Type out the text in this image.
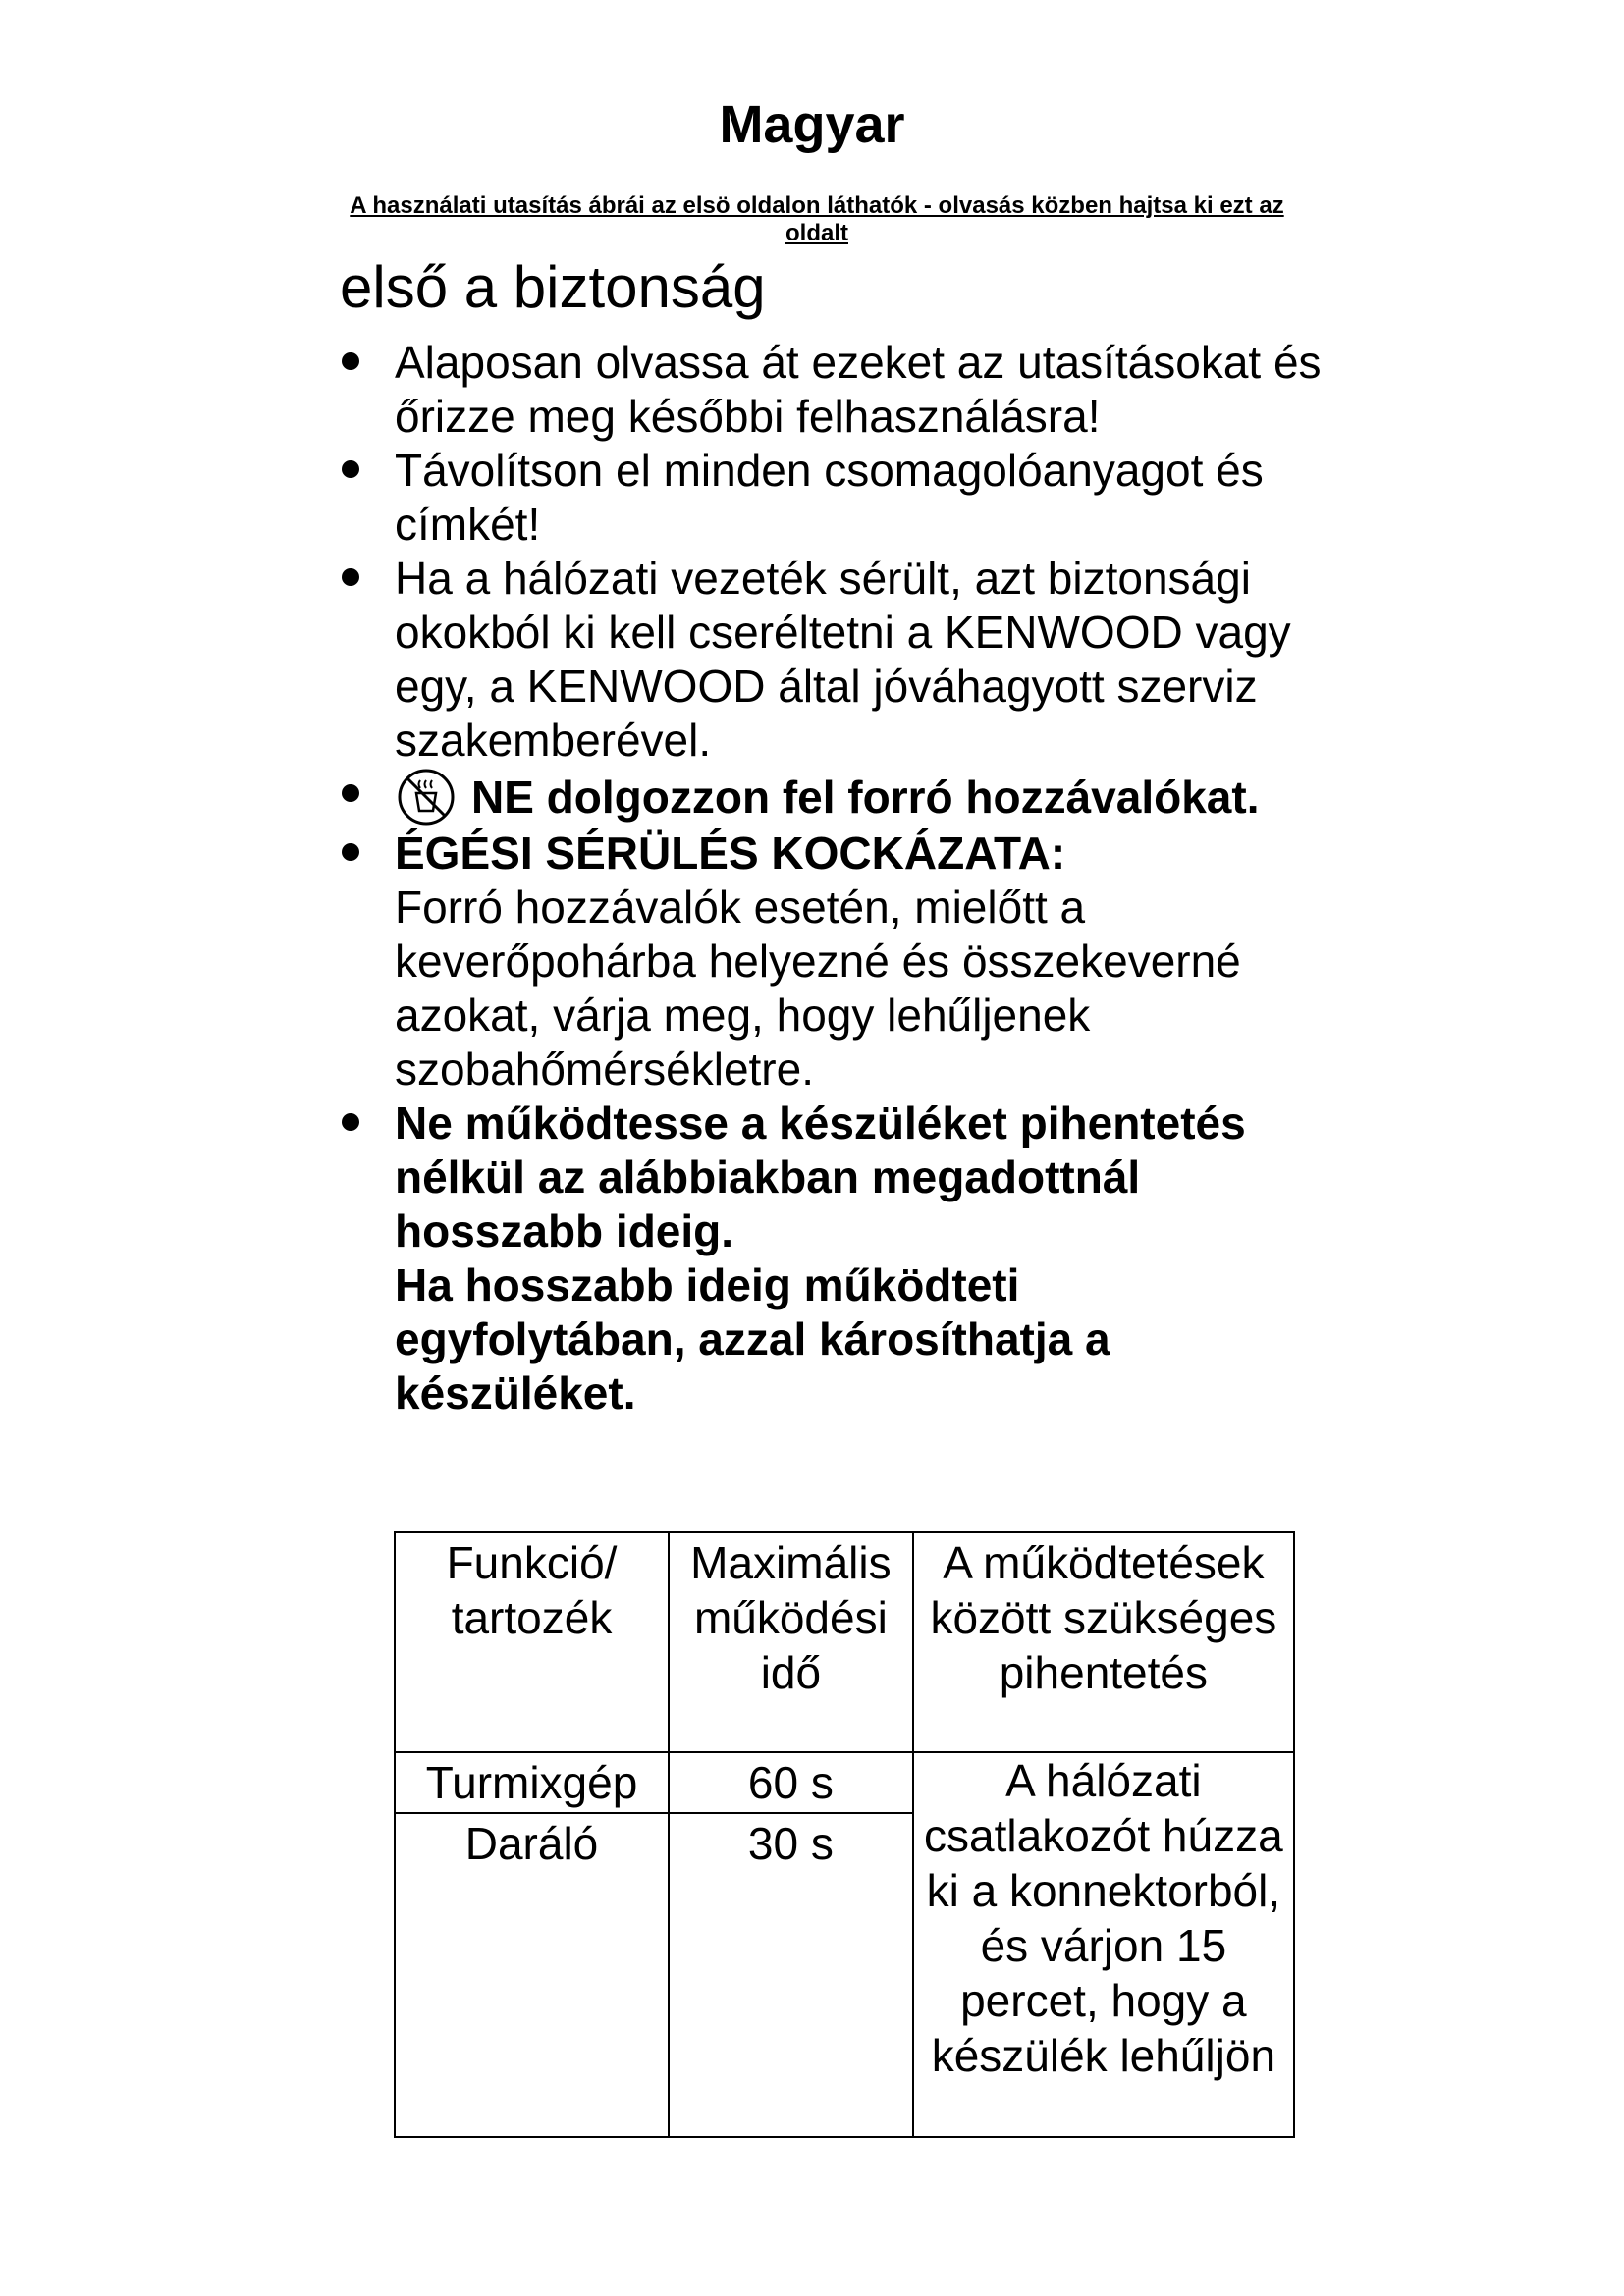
Magyar
A használati utasítás ábrái az elsö oldalon láthatók - olvasás közben hajtsa ki ezt az oldalt
első a biztonság
Alaposan olvassa át ezeket az utasításokat és őrizze meg későbbi felhasználásra!
Távolítson el minden csomagolóanyagot és címkét!
Ha a hálózati vezeték sérült, azt biztonsági okokból ki kell cseréltetni a KENWOOD vagy egy, a KENWOOD által jóváhagyott szerviz szakemberével.
NE dolgozzon fel forró hozzávalókat.
ÉGÉSI SÉRÜLÉS KOCKÁZATA:
Forró hozzávalók esetén, mielőtt a keverőpohárba helyezné és összekeverné azokat, várja meg, hogy lehűljenek szobahőmérsékletre.
Ne működtesse a készüléket pihentetés nélkül az alábbiakban megadottnál hosszabb ideig.
Ha hosszabb ideig működteti egyfolytában, azzal károsíthatja a készüléket.
Funkció/ tartozék	Maximális működési idő	A működtetések között szükséges pihentetés
Turmixgép	60 s	A hálózati csatlakozót húzza ki a konnektorból, és várjon 15 percet, hogy a készülék lehűljön
Daráló	30 s	
